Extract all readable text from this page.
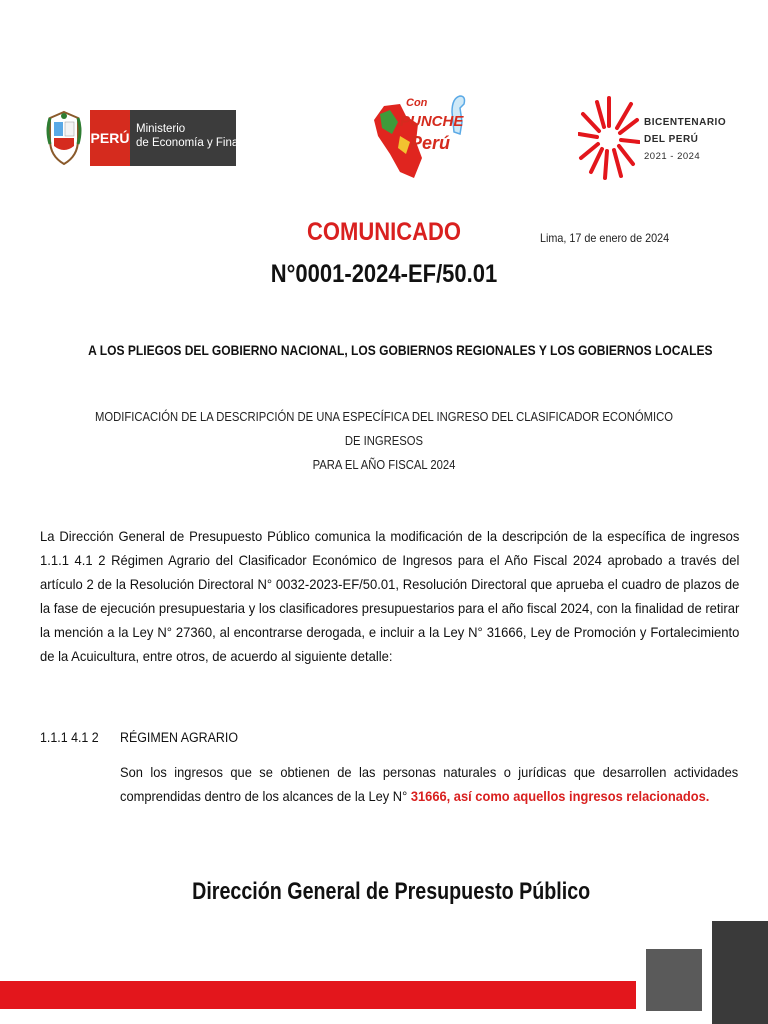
PERÚ
Ministerio
de Economía y Finanzas
Con
PUNCHE
Perú
BICENTENARIO
DEL PERÚ
2021 - 2024
COMUNICADO	Lima, 17 de enero de 2024
N°0001-2024-EF/50.01
A LOS PLIEGOS DEL GOBIERNO NACIONAL, LOS GOBIERNOS REGIONALES Y LOS GOBIERNOS LOCALES
MODIFICACIÓN DE LA DESCRIPCIÓN DE UNA ESPECÍFICA DEL INGRESO DEL CLASIFICADOR ECONÓMICO DE INGRESOS
PARA EL AÑO FISCAL 2024
La Dirección General de Presupuesto Público comunica la modificación de la descripción de la específica de ingresos 1.1.1 4.1 2 Régimen Agrario del Clasificador Económico de Ingresos para el Año Fiscal 2024 aprobado a través del artículo 2 de la Resolución Directoral N° 0032-2023-EF/50.01, Resolución Directoral que aprueba el cuadro de plazos de la fase de ejecución presupuestaria y los clasificadores presupuestarios para el año fiscal 2024, con la finalidad de retirar la mención a la Ley N° 27360, al encontrarse derogada, e incluir a la Ley N° 31666, Ley de Promoción y Fortalecimiento de la Acuicultura, entre otros, de acuerdo al siguiente detalle:
1.1.1 4.1 2 RÉGIMEN AGRARIO
Son los ingresos que se obtienen de las personas naturales o jurídicas que desarrollen actividades comprendidas dentro de los alcances de la Ley N° 31666, así como aquellos ingresos relacionados.
Dirección General de Presupuesto Público
